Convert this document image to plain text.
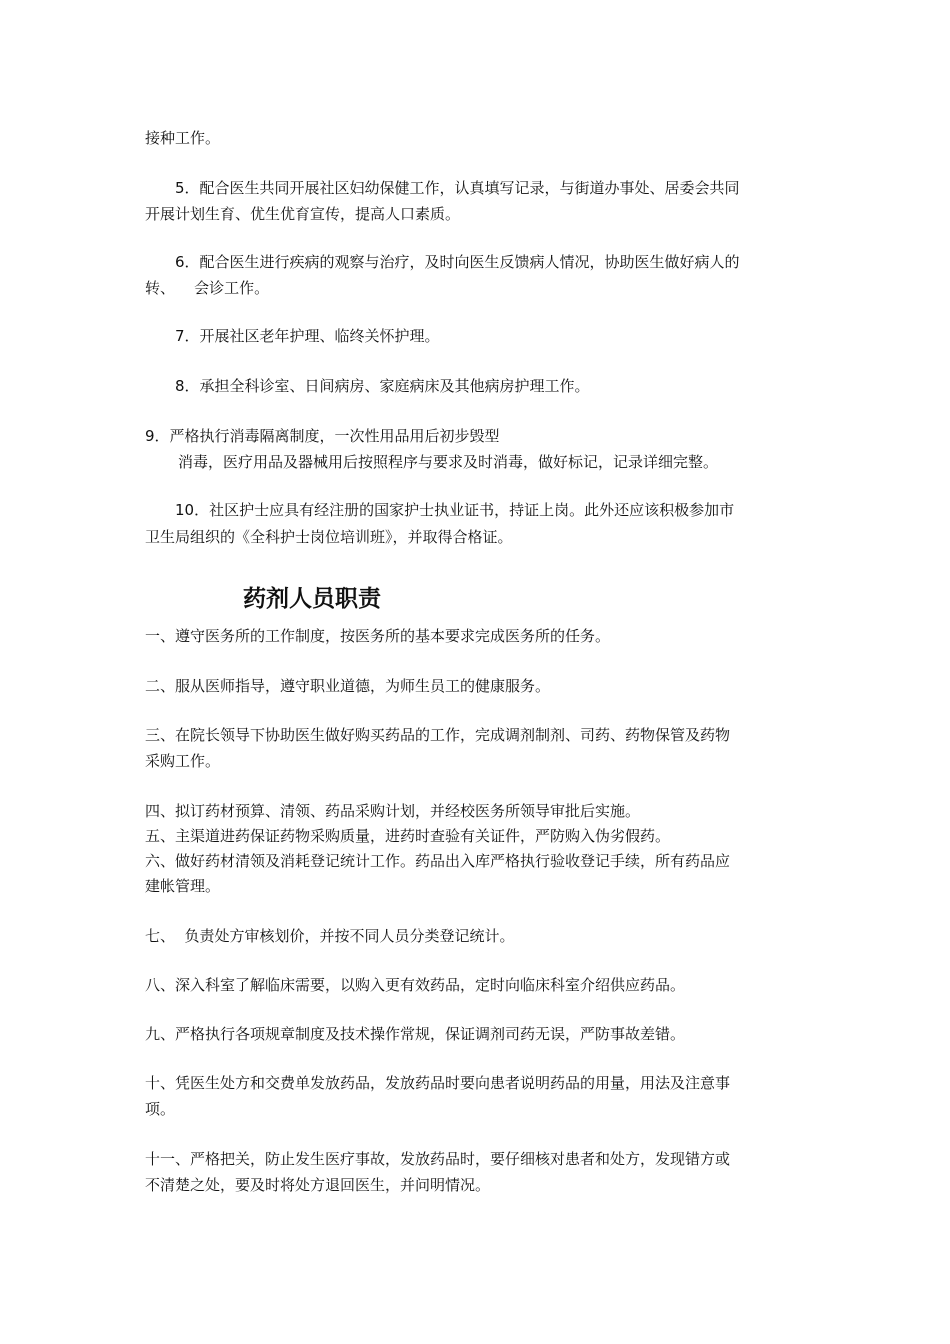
接种工作。
5．配合医生共同开展社区妇幼保健工作，认真填写记录，与街道办事处、居委会共同
开展计划生育、优生优育宣传，提高人口素质。
6．配合医生进行疾病的观察与治疗，及时向医生反馈病人情况，协助医生做好病人的
转、    会诊工作。
7．开展社区老年护理、临终关怀护理。
8．承担全科诊室、日间病房、家庭病床及其他病房护理工作。
9．严格执行消毒隔离制度，一次性用品用后初步毁型
消毒，医疗用品及器械用后按照程序与要求及时消毒，做好标记，记录详细完整。
10．社区护士应具有经注册的国家护士执业证书，持证上岗。此外还应该积极参加市
卫生局组织的《全科护士岗位培训班》，并取得合格证。
药剂人员职责
一、遵守医务所的工作制度，按医务所的基本要求完成医务所的任务。
二、服从医师指导，遵守职业道德，为师生员工的健康服务。
三、在院长领导下协助医生做好购买药品的工作，完成调剂制剂、司药、药物保管及药物
采购工作。
四、拟订药材预算、清领、药品采购计划，并经校医务所领导审批后实施。
五、主渠道进药保证药物采购质量，进药时查验有关证件，严防购入伪劣假药。
六、做好药材清领及消耗登记统计工作。药品出入库严格执行验收登记手续，所有药品应
建帐管理。
七、  负责处方审核划价，并按不同人员分类登记统计。
八、深入科室了解临床需要，以购入更有效药品，定时向临床科室介绍供应药品。
九、严格执行各项规章制度及技术操作常规，保证调剂司药无误，严防事故差错。
十、凭医生处方和交费单发放药品，发放药品时要向患者说明药品的用量，用法及注意事
项。
十一、严格把关，防止发生医疗事故，发放药品时，要仔细核对患者和处方，发现错方或
不清楚之处，要及时将处方退回医生，并问明情况。
